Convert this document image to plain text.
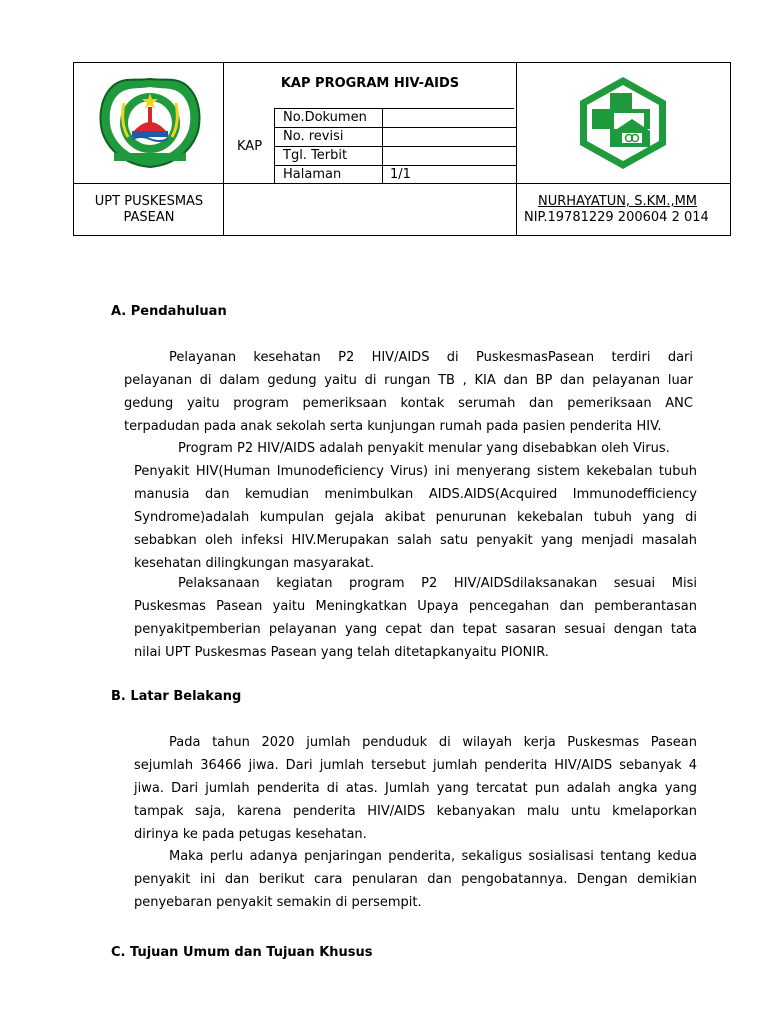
KAP PROGRAM HIV-AIDS
KAP
No.Dokumen
No. revisi
Tgl. Terbit
Halaman	1/1
UPT PUSKESMAS
PASEAN
NURHAYATUN, S.KM.,MM
NIP.19781229 200604 2 014
A. Pendahuluan
Pelayanan kesehatan P2 HIV/AIDS di PuskesmasPasean terdiri dari
pelayanan di dalam gedung yaitu di rungan TB , KIA dan BP dan pelayanan luar
gedung yaitu program pemeriksaan kontak serumah dan pemeriksaan ANC
terpadudan pada anak sekolah serta kunjungan rumah pada pasien penderita HIV.
Program P2 HIV/AIDS adalah penyakit menular yang disebabkan oleh Virus.
Penyakit HIV(Human Imunodeficiency Virus) ini menyerang sistem kekebalan tubuh
manusia dan kemudian menimbulkan AIDS.AIDS(Acquired Immunodefficiency
Syndrome)adalah kumpulan gejala akibat penurunan kekebalan tubuh yang di
sebabkan oleh infeksi HIV.Merupakan salah satu penyakit yang menjadi masalah
kesehatan dilingkungan masyarakat.
Pelaksanaan kegiatan program P2 HIV/AIDSdilaksanakan sesuai Misi
Puskesmas Pasean yaitu Meningkatkan Upaya pencegahan dan pemberantasan
penyakitpemberian pelayanan yang cepat dan tepat sasaran sesuai dengan tata
nilai UPT Puskesmas Pasean yang telah ditetapkanyaitu PIONIR.
B. Latar Belakang
Pada tahun 2020 jumlah penduduk di wilayah kerja Puskesmas Pasean
sejumlah 36466 jiwa. Dari jumlah tersebut jumlah penderita HIV/AIDS sebanyak 4
jiwa. Dari jumlah penderita di atas. Jumlah yang tercatat pun adalah angka yang
tampak saja, karena penderita HIV/AIDS kebanyakan malu untu kmelaporkan
dirinya ke pada petugas kesehatan.
Maka perlu adanya penjaringan penderita, sekaligus sosialisasi tentang kedua
penyakit ini dan berikut cara penularan dan pengobatannya. Dengan demikian
penyebaran penyakit semakin di persempit.
C. Tujuan Umum dan Tujuan Khusus
